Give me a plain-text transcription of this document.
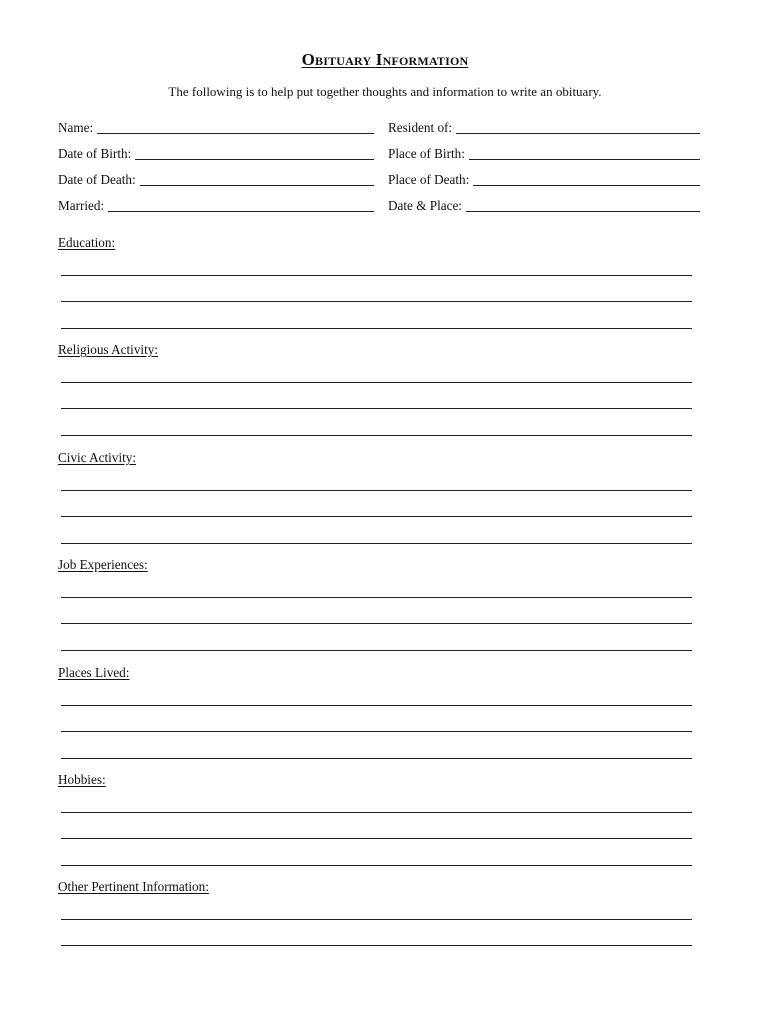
Obituary Information
The following is to help put together thoughts and information to write an obituary.
Name:	Resident of:
Date of Birth:	Place of Birth:
Date of Death:	Place of Death:
Married:	Date & Place:
Education:
Religious Activity:
Civic Activity:
Job Experiences:
Places Lived:
Hobbies:
Other Pertinent Information:
